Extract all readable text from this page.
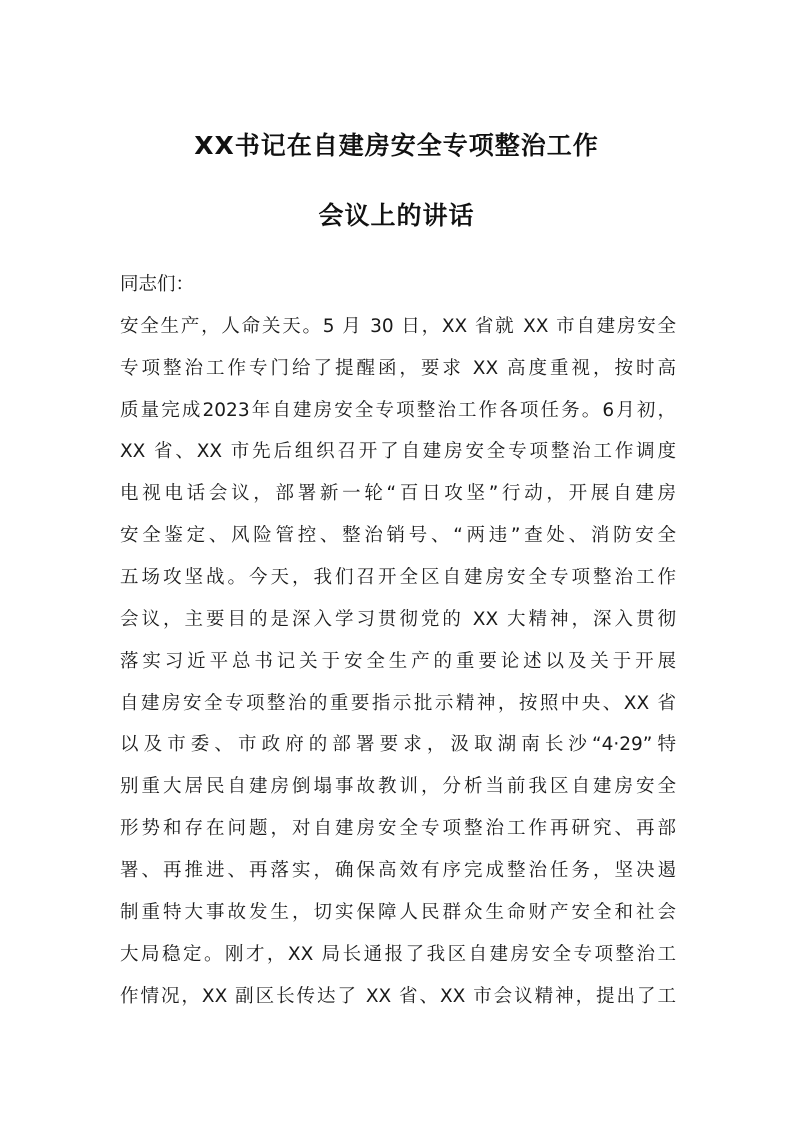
XX书记在自建房安全专项整治工作
会议上的讲话
同志们：
安全生产，人命关天。5 月 30 日，XX 省就 XX 市自建房安全
专项整治工作专门给了提醒函，要求 XX 高度重视，按时高
质量完成2023年自建房安全专项整治工作各项任务。6月初，
XX 省、XX 市先后组织召开了自建房安全专项整治工作调度
电视电话会议，部署新一轮“百日攻坚”行动，开展自建房
安全鉴定、风险管控、整治销号、“两违”查处、消防安全
五场攻坚战。今天，我们召开全区自建房安全专项整治工作
会议，主要目的是深入学习贯彻党的 XX 大精神，深入贯彻
落实习近平总书记关于安全生产的重要论述以及关于开展
自建房安全专项整治的重要指示批示精神，按照中央、XX 省
以及市委、市政府的部署要求，汲取湖南长沙“4·29”特
别重大居民自建房倒塌事故教训，分析当前我区自建房安全
形势和存在问题，对自建房安全专项整治工作再研究、再部
署、再推进、再落实，确保高效有序完成整治任务，坚决遏
制重特大事故发生，切实保障人民群众生命财产安全和社会
大局稳定。刚才，XX 局长通报了我区自建房安全专项整治工
作情况，XX 副区长传达了 XX 省、XX 市会议精神，提出了工
